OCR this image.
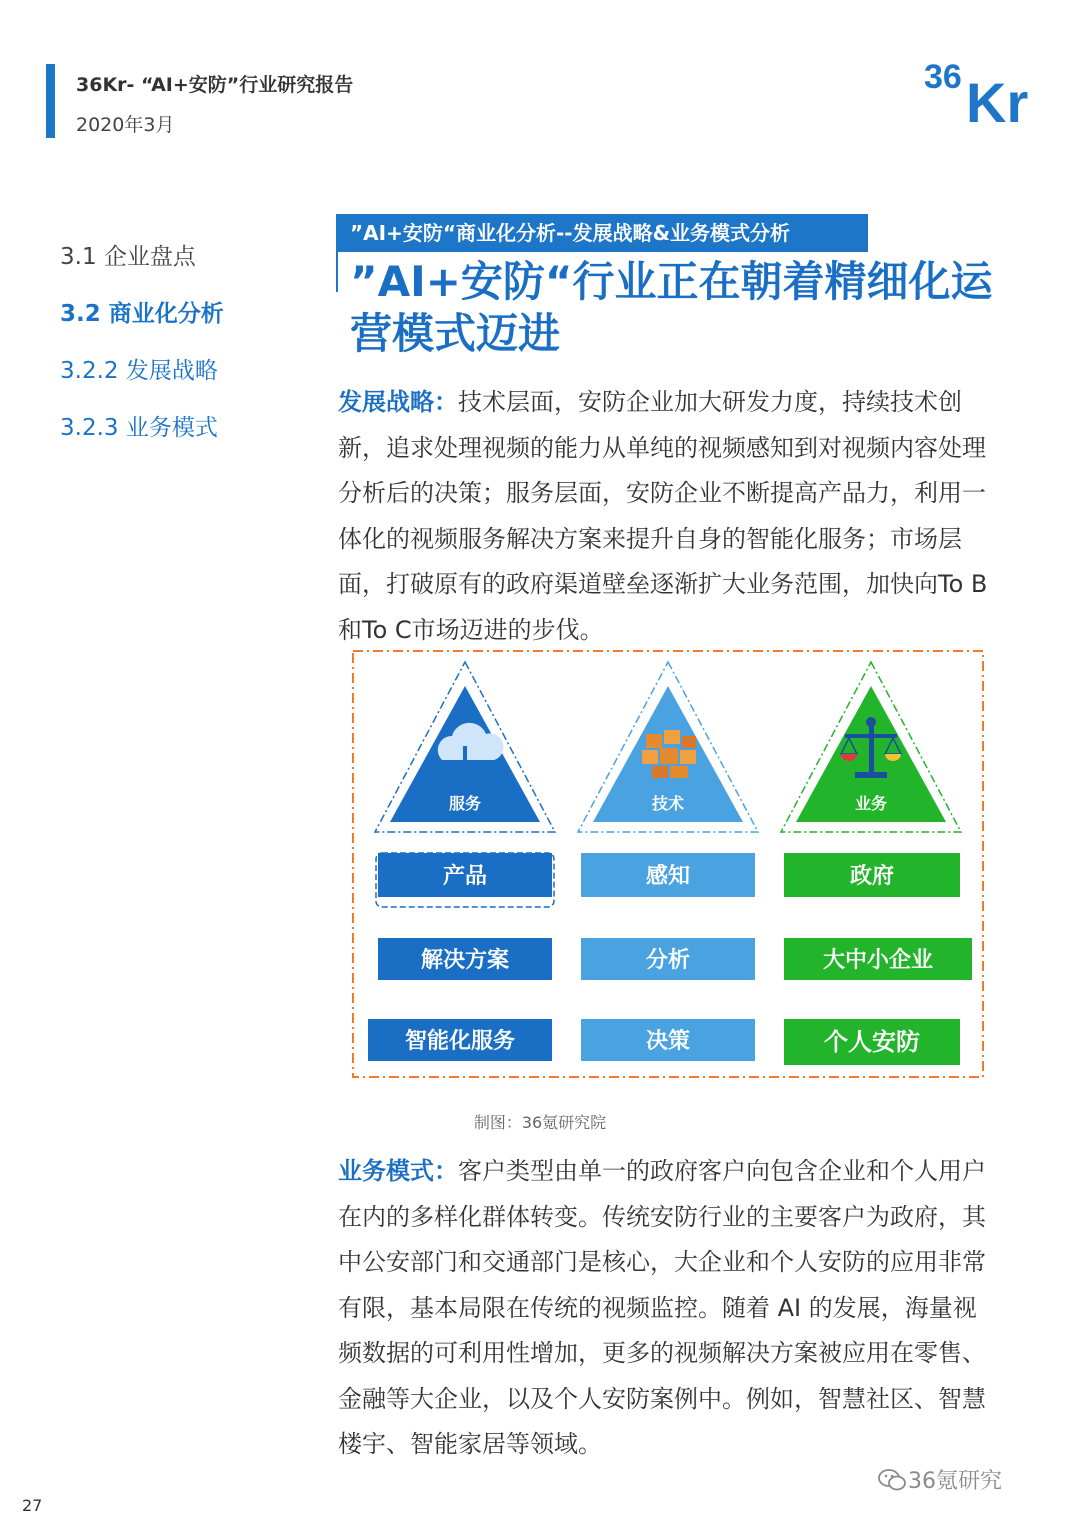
36Kr- “AI+安防”行业研究报告
2020年3月
36 Kr
3.1 企业盘点
3.2 商业化分析
3.2.2 发展战略
3.2.3 业务模式
”AI+安防“商业化分析--发展战略&业务模式分析
”AI+安防“行业正在朝着精细化运营模式迈进
发展战略：技术层面，安防企业加大研发力度，持续技术创新，追求处理视频的能力从单纯的视频感知到对视频内容处理分析后的决策；服务层面，安防企业不断提高产品力，利用一体化的视频服务解决方案来提升自身的智能化服务；市场层面，打破原有的政府渠道壁垒逐渐扩大业务范围，加快向To B和To C市场迈进的步伐。
服务
产品
解决方案
智能化服务
技术
感知
分析
决策
业务
政府
大中小企业
个人安防
制图：36氪研究院
业务模式：客户类型由单一的政府客户向包含企业和个人用户在内的多样化群体转变。传统安防行业的主要客户为政府，其中公安部门和交通部门是核心，大企业和个人安防的应用非常有限，基本局限在传统的视频监控。随着 AI 的发展，海量视频数据的可利用性增加，更多的视频解决方案被应用在零售、金融等大企业，以及个人安防案例中。例如，智慧社区、智慧楼宇、智能家居等领域。
27
36氪研究
